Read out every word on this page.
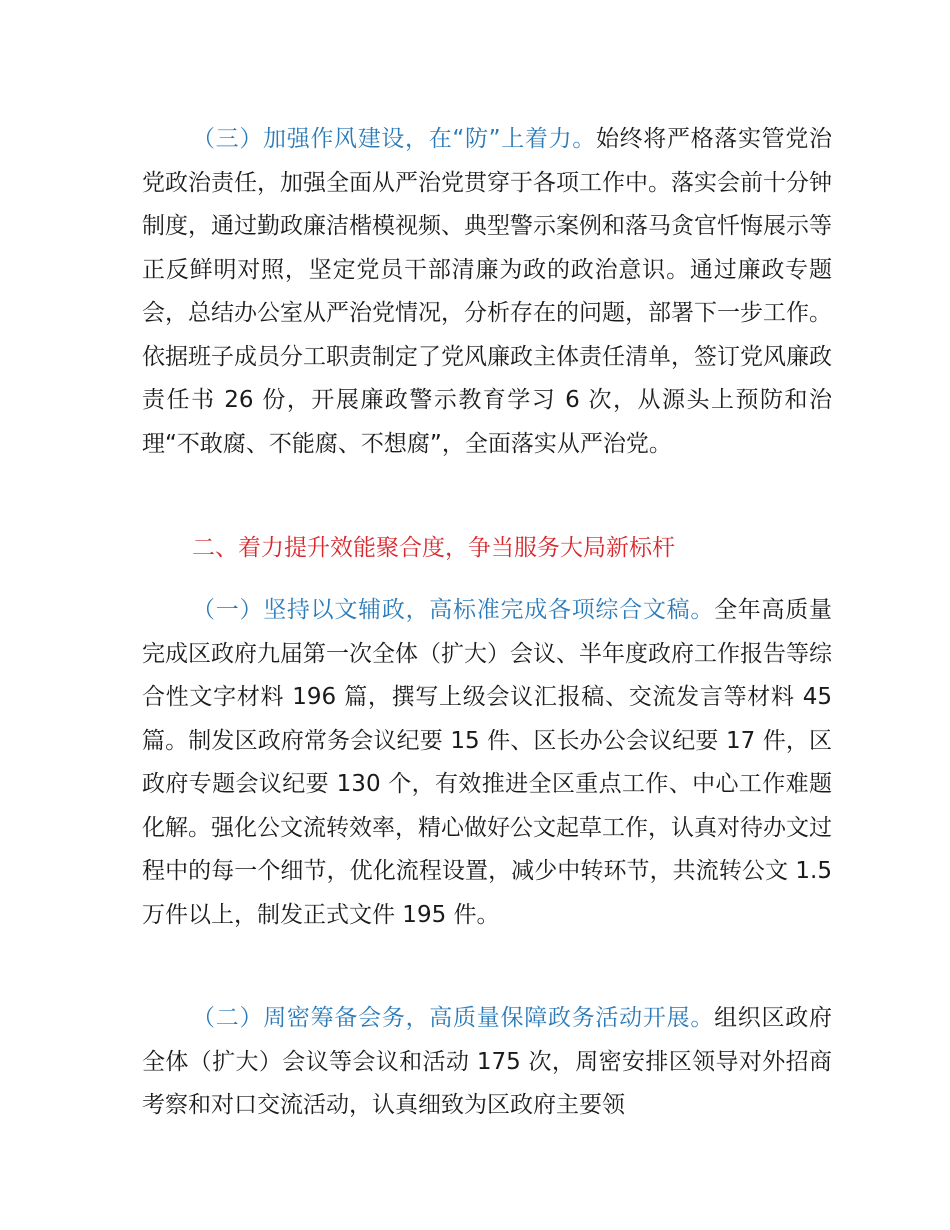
（三）加强作风建设，在“防”上着力。始终将严格落实管党治党政治责任，加强全面从严治党贯穿于各项工作中。落实会前十分钟制度，通过勤政廉洁楷模视频、典型警示案例和落马贪官忏悔展示等正反鲜明对照，坚定党员干部清廉为政的政治意识。通过廉政专题会，总结办公室从严治党情况，分析存在的问题，部署下一步工作。依据班子成员分工职责制定了党风廉政主体责任清单，签订党风廉政责任书 26 份，开展廉政警示教育学习 6 次，从源头上预防和治理“不敢腐、不能腐、不想腐”，全面落实从严治党。

二、着力提升效能聚合度，争当服务大局新标杆

（一）坚持以文辅政，高标准完成各项综合文稿。全年高质量完成区政府九届第一次全体（扩大）会议、半年度政府工作报告等综合性文字材料 196 篇，撰写上级会议汇报稿、交流发言等材料 45 篇。制发区政府常务会议纪要 15 件、区长办公会议纪要 17 件，区政府专题会议纪要 130 个，有效推进全区重点工作、中心工作难题化解。强化公文流转效率，精心做好公文起草工作，认真对待办文过程中的每一个细节，优化流程设置，减少中转环节，共流转公文 1.5 万件以上，制发正式文件 195 件。

（二）周密筹备会务，高质量保障政务活动开展。组织区政府全体（扩大）会议等会议和活动 175 次，周密安排区领导对外招商考察和对口交流活动，认真细致为区政府主要领
